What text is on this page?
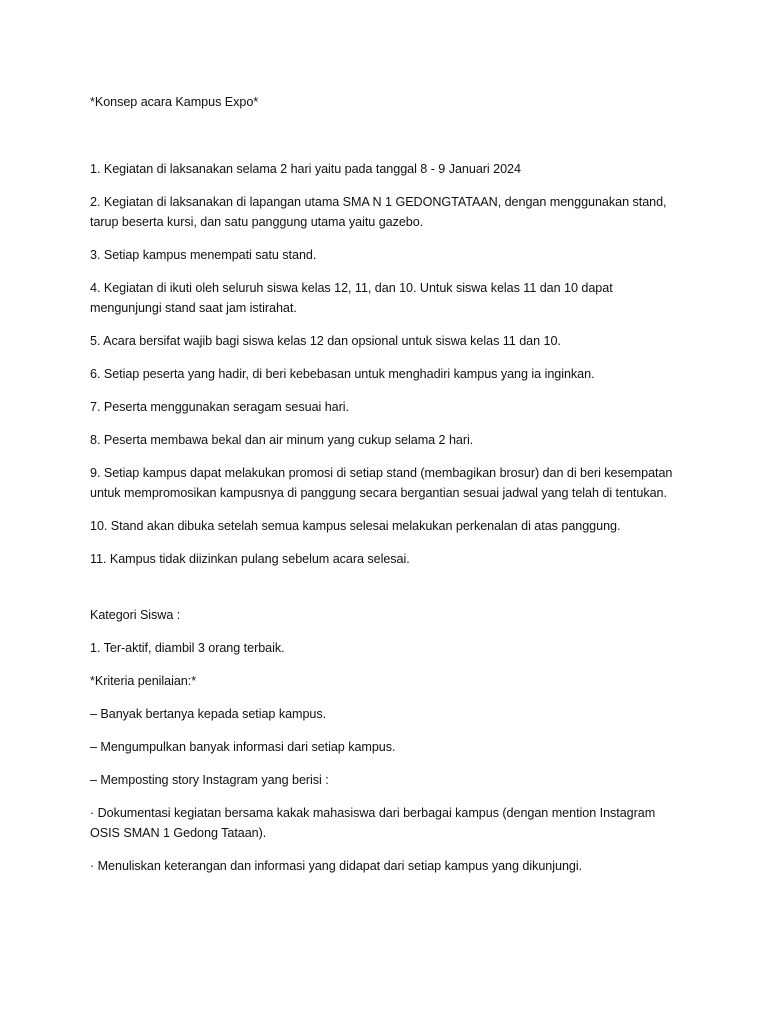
*Konsep acara Kampus Expo*

1. Kegiatan di laksanakan selama 2 hari yaitu pada tanggal 8 - 9 Januari 2024

2. Kegiatan di laksanakan di lapangan utama SMA N 1 GEDONGTATAAN, dengan menggunakan stand, tarup beserta kursi, dan satu panggung utama yaitu gazebo.

3. Setiap kampus menempati satu stand.

4. Kegiatan di ikuti oleh seluruh siswa kelas 12, 11, dan 10. Untuk siswa kelas 11 dan 10 dapat mengunjungi stand saat jam istirahat.

5. Acara bersifat wajib bagi siswa kelas 12 dan opsional untuk siswa kelas 11 dan 10.

6. Setiap peserta yang hadir, di beri kebebasan untuk menghadiri kampus yang ia inginkan.

7. Peserta menggunakan seragam sesuai hari.

8. Peserta membawa bekal dan air minum yang cukup selama 2 hari.

9. Setiap kampus dapat melakukan promosi di setiap stand (membagikan brosur) dan di beri kesempatan untuk mempromosikan kampusnya di panggung secara bergantian sesuai jadwal yang telah di tentukan.

10. Stand akan dibuka setelah semua kampus selesai melakukan perkenalan di atas panggung.

11. Kampus tidak diizinkan pulang sebelum acara selesai.

Kategori Siswa :

1. Ter-aktif, diambil 3 orang terbaik.

*Kriteria penilaian:*

– Banyak bertanya kepada setiap kampus.

– Mengumpulkan banyak informasi dari setiap kampus.

– Memposting story Instagram yang berisi :

· Dokumentasi kegiatan bersama kakak mahasiswa dari berbagai kampus (dengan mention Instagram OSIS SMAN 1 Gedong Tataan).

· Menuliskan keterangan dan informasi yang didapat dari setiap kampus yang dikunjungi.
